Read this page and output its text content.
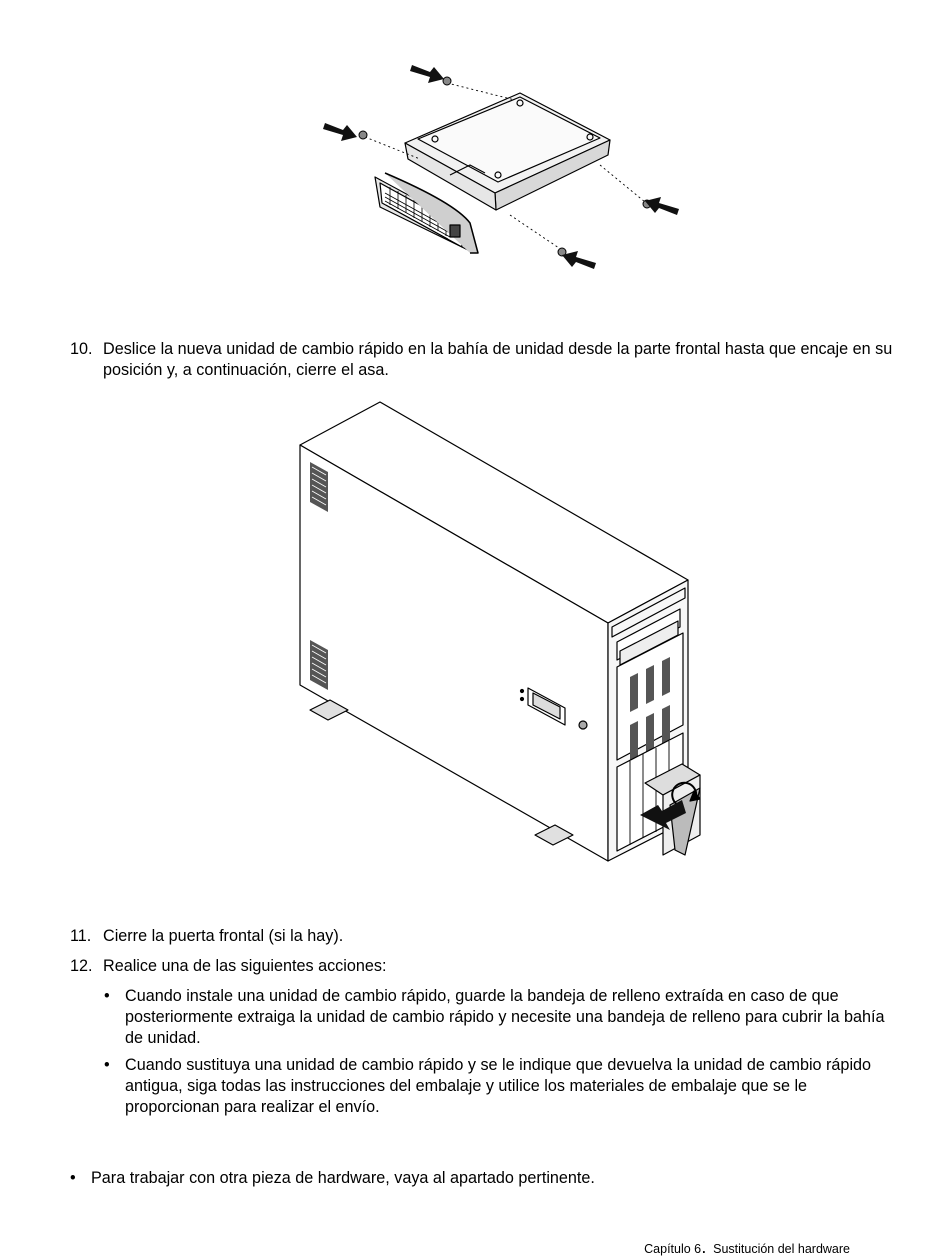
10. Deslice la nueva unidad de cambio rápido en la bahía de unidad desde la parte frontal hasta que encaje en su posición y, a continuación, cierre el asa.
11. Cierre la puerta frontal (si la hay).
12. Realice una de las siguientes acciones:
• Cuando instale una unidad de cambio rápido, guarde la bandeja de relleno extraída en caso de que posteriormente extraiga la unidad de cambio rápido y necesite una bandeja de relleno para cubrir la bahía de unidad.
• Cuando sustituya una unidad de cambio rápido y se le indique que devuelva la unidad de cambio rápido antigua, siga todas las instrucciones del embalaje y utilice los materiales de embalaje que se le proporcionan para realizar el envío.
• Para trabajar con otra pieza de hardware, vaya al apartado pertinente.
Capítulo 6. Sustitución del hardware
